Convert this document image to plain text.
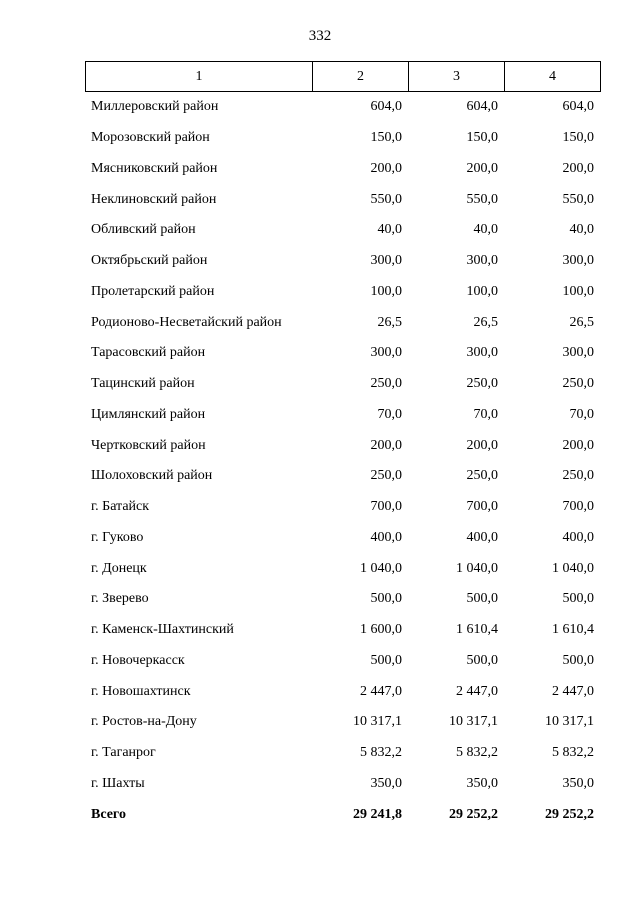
332
1	2	3	4
Миллеровский район	604,0	604,0	604,0
Морозовский район	150,0	150,0	150,0
Мясниковский район	200,0	200,0	200,0
Неклиновский район	550,0	550,0	550,0
Обливский район	40,0	40,0	40,0
Октябрьский район	300,0	300,0	300,0
Пролетарский район	100,0	100,0	100,0
Родионово-Несветайский район	26,5	26,5	26,5
Тарасовский район	300,0	300,0	300,0
Тацинский район	250,0	250,0	250,0
Цимлянский район	70,0	70,0	70,0
Чертковский район	200,0	200,0	200,0
Шолоховский район	250,0	250,0	250,0
г. Батайск	700,0	700,0	700,0
г. Гуково	400,0	400,0	400,0
г. Донецк	1 040,0	1 040,0	1 040,0
г. Зверево	500,0	500,0	500,0
г. Каменск-Шахтинский	1 600,0	1 610,4	1 610,4
г. Новочеркасск	500,0	500,0	500,0
г. Новошахтинск	2 447,0	2 447,0	2 447,0
г. Ростов-на-Дону	10 317,1	10 317,1	10 317,1
г. Таганрог	5 832,2	5 832,2	5 832,2
г. Шахты	350,0	350,0	350,0
Всего	29 241,8	29 252,2	29 252,2
